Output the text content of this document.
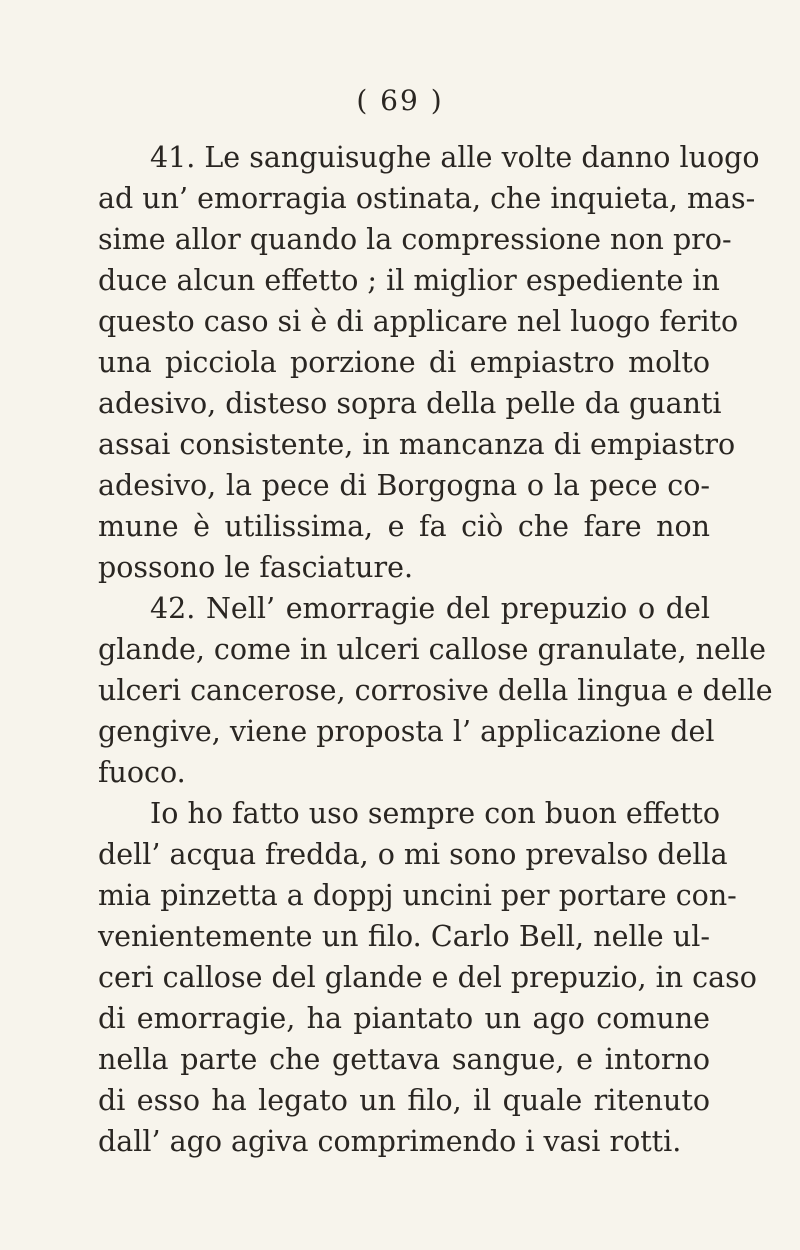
( 69 )
41. Le sanguisughe alle volte danno luogo
ad un’ emorragia ostinata, che inquieta, mas-
sime allor quando la compressione non pro-
duce alcun effetto ; il miglior espediente in
questo caso si è di applicare nel luogo ferito
una picciola porzione di empiastro molto
adesivo, disteso sopra della pelle da guanti
assai consistente, in mancanza di empiastro
adesivo, la pece di Borgogna o la pece co-
mune è utilissima, e fa ciò che fare non
possono le fasciature.
42. Nell’ emorragie del prepuzio o del
glande, come in ulceri callose granulate, nelle
ulceri cancerose, corrosive della lingua e delle
gengive, viene proposta l’ applicazione del
fuoco.
Io ho fatto uso sempre con buon effetto
dell’ acqua fredda, o mi sono prevalso della
mia pinzetta a doppj uncini per portare con-
venientemente un filo. Carlo Bell, nelle ul-
ceri callose del glande e del prepuzio, in caso
di emorragie, ha piantato un ago comune
nella parte che gettava sangue, e intorno
di esso ha legato un filo, il quale ritenuto
dall’ ago agiva comprimendo i vasi rotti.
